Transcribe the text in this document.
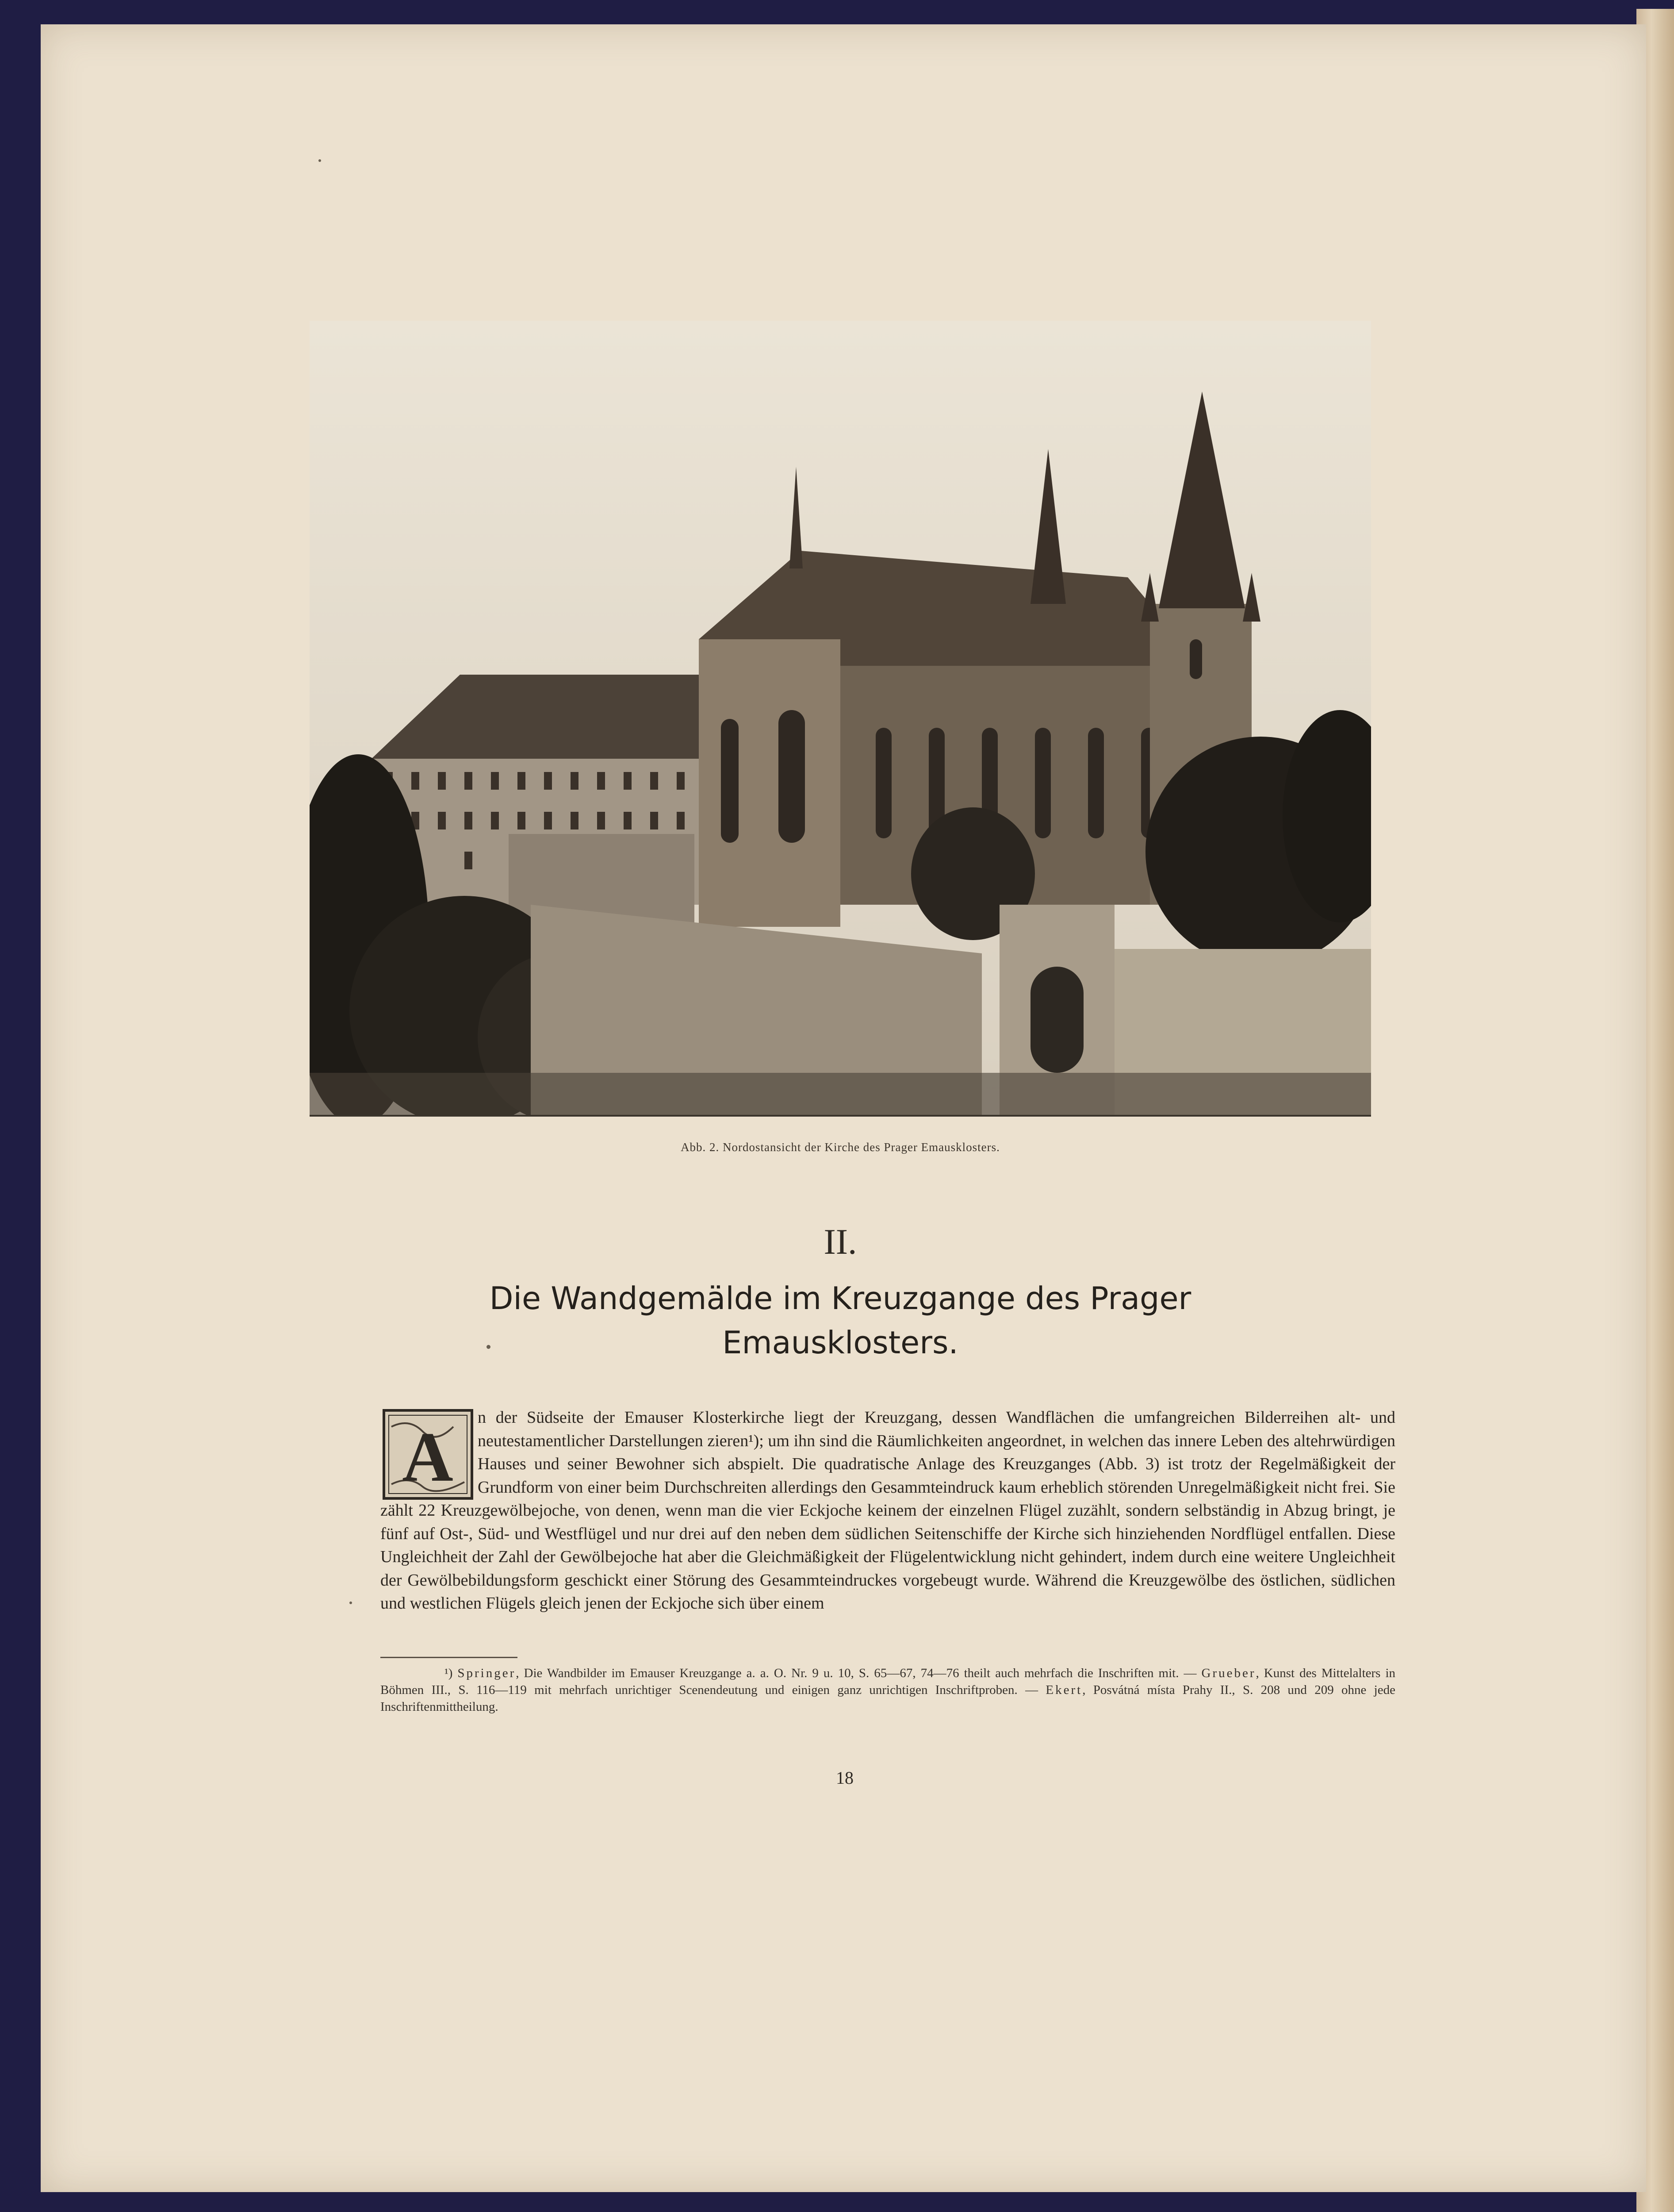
Abb. 2. Nordostansicht der Kirche des Prager Emausklosters.
II.
Die Wandgemälde im Kreuzgange des Prager
Emausklosters.
A	n der Südseite der Emauser Klosterkirche liegt der Kreuzgang, dessen Wandflächen die umfangreichen Bilderreihen alt- und neutestamentlicher Darstellungen zieren¹); um ihn sind die Räumlichkeiten angeordnet, in welchen das innere Leben des altehrwürdigen Hauses und seiner Bewohner sich abspielt. Die quadratische Anlage des Kreuzganges (Abb. 3) ist trotz der Regelmäßigkeit der Grundform von einer beim Durchschreiten allerdings den Gesammteindruck kaum erheblich störenden Unregelmäßigkeit nicht frei. Sie zählt 22 Kreuzgewölbejoche, von denen, wenn man die vier Eckjoche keinem der einzelnen Flügel zuzählt, sondern selbständig in Abzug bringt, je fünf auf Ost-, Süd- und Westflügel und nur drei auf den neben dem südlichen Seitenschiffe der Kirche sich hinziehenden Nordflügel entfallen. Diese Ungleichheit der Zahl der Gewölbejoche hat aber die Gleichmäßigkeit der Flügelentwicklung nicht gehindert, indem durch eine weitere Ungleichheit der Gewölbebildungsform geschickt einer Störung des Gesammteindruckes vorgebeugt wurde. Während die Kreuzgewölbe des östlichen, südlichen und westlichen Flügels gleich jenen der Eckjoche sich über einem

¹) Springer, Die Wandbilder im Emauser Kreuzgange a. a. O. Nr. 9 u. 10, S. 65—67, 74—76 theilt auch mehrfach die Inschriften mit. — Grueber, Kunst des Mittelalters in Böhmen III., S. 116—119 mit mehrfach unrichtiger Scenendeutung und einigen ganz unrichtigen Inschriftproben. — Ekert, Posvátná místa Prahy II., S. 208 und 209 ohne jede Inschriftenmittheilung.

18
